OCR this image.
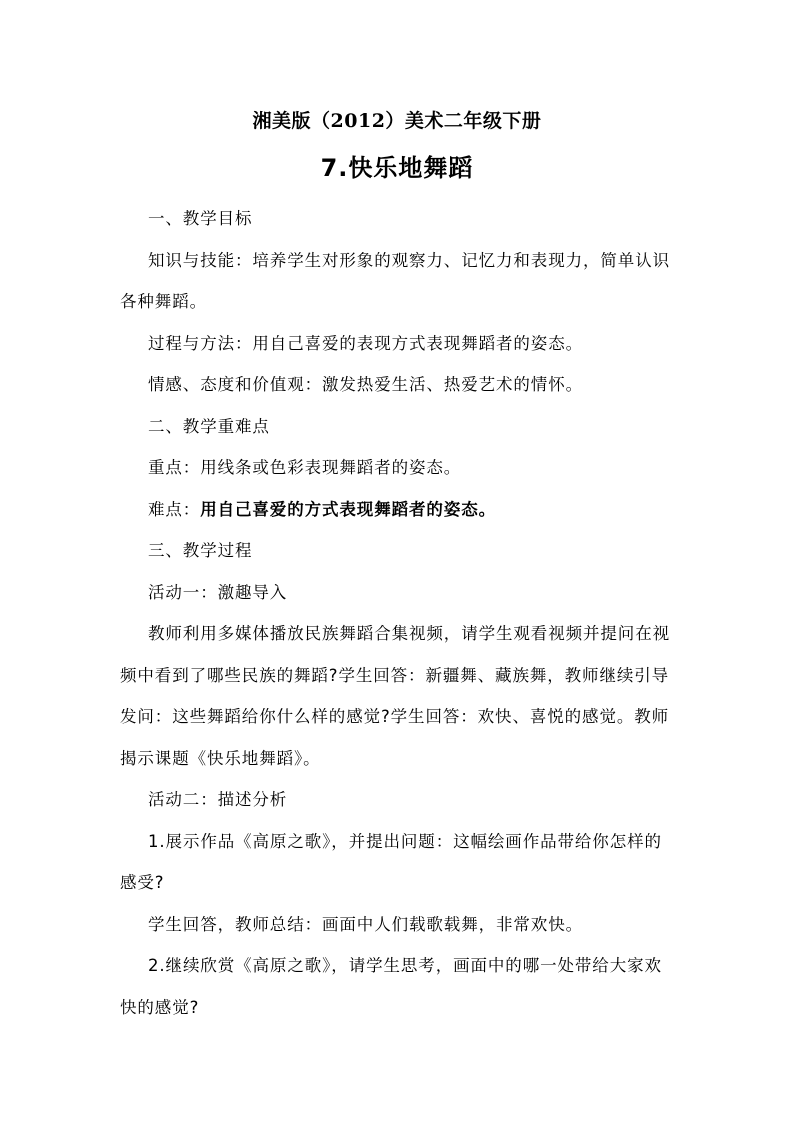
湘美版（2012）美术二年级下册
7.快乐地舞蹈

一、教学目标

知识与技能：培养学生对形象的观察力、记忆力和表现力，简单认识各种舞蹈。

过程与方法：用自己喜爱的表现方式表现舞蹈者的姿态。

情感、态度和价值观：激发热爱生活、热爱艺术的情怀。

二、教学重难点

重点：用线条或色彩表现舞蹈者的姿态。

难点：用自己喜爱的方式表现舞蹈者的姿态。

三、教学过程

活动一：激趣导入

教师利用多媒体播放民族舞蹈合集视频，请学生观看视频并提问在视频中看到了哪些民族的舞蹈?学生回答：新疆舞、藏族舞，教师继续引导发问：这些舞蹈给你什么样的感觉?学生回答：欢快、喜悦的感觉。教师揭示课题《快乐地舞蹈》。

活动二：描述分析

1.展示作品《高原之歌》，并提出问题：这幅绘画作品带给你怎样的感受?

学生回答，教师总结：画面中人们载歌载舞，非常欢快。

2.继续欣赏《高原之歌》，请学生思考，画面中的哪一处带给大家欢快的感觉?
